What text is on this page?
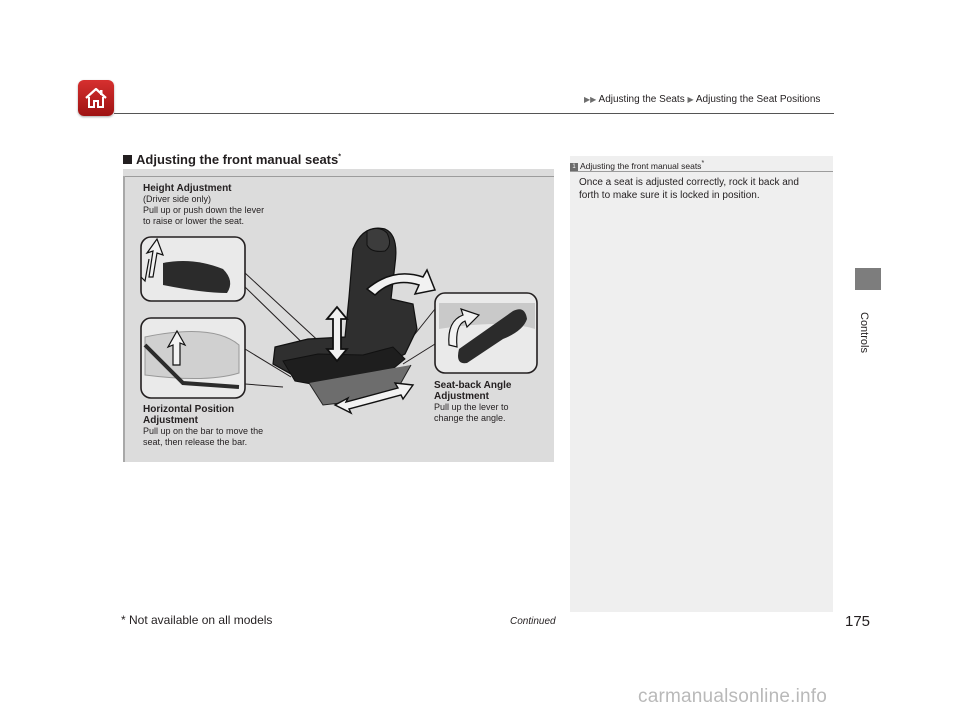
▶▶ Adjusting the Seats ▶ Adjusting the Seat Positions
Adjusting the front manual seats*
Height Adjustment
(Driver side only)
Pull up or push down the lever
to raise or lower the seat.
Horizontal Position
Adjustment
Pull up on the bar to move the
seat, then release the bar.
Seat-back Angle
Adjustment
Pull up the lever to
change the angle.
1 Adjusting the front manual seats*
Once a seat is adjusted correctly, rock it back and forth to make sure it is locked in position.
Controls
* Not available on all models	Continued	175
carmanualsonline.info
